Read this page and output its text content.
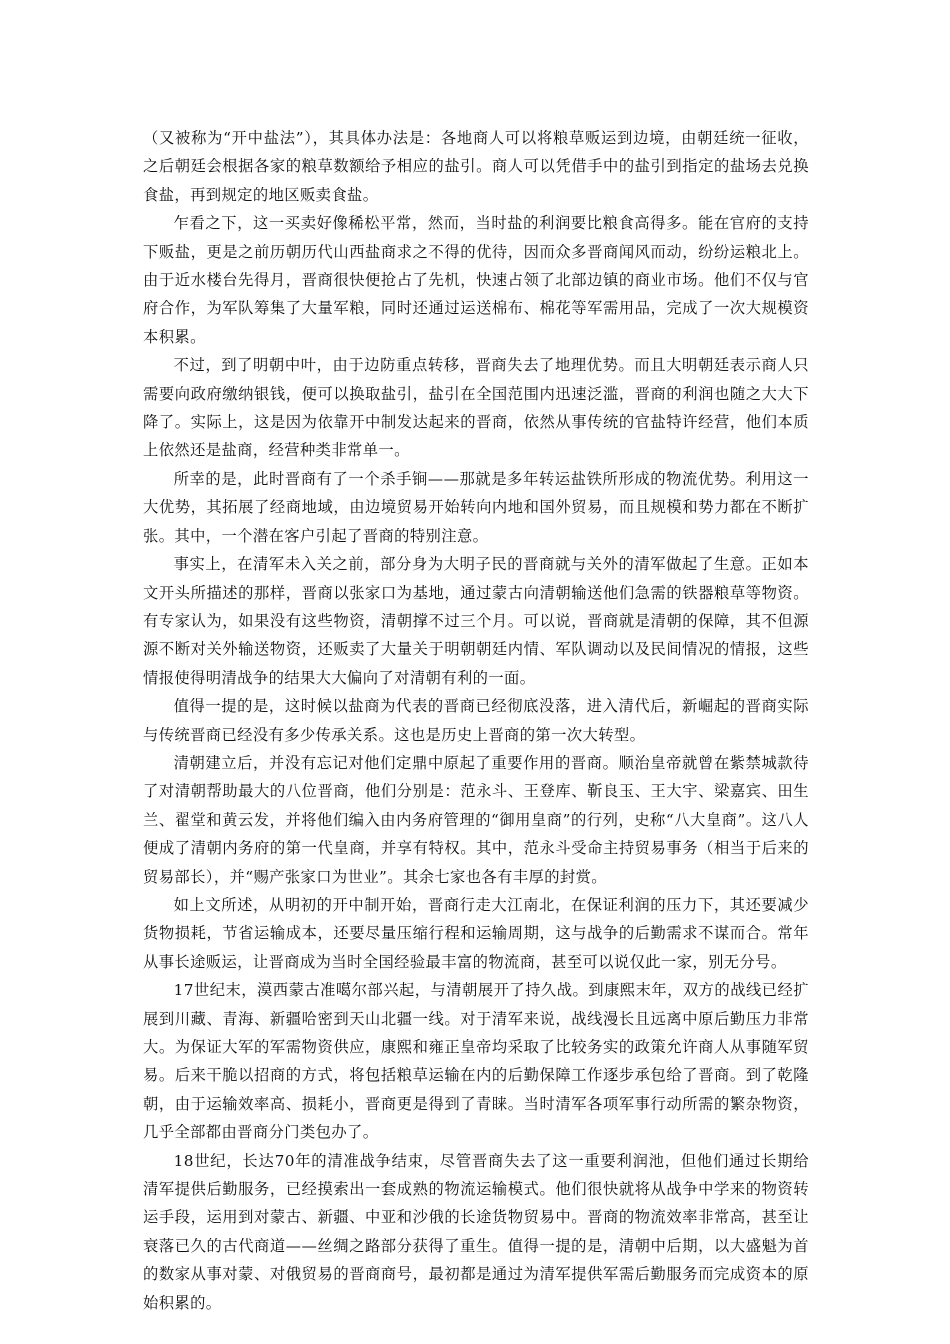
（又被称为“开中盐法”），其具体办法是：各地商人可以将粮草贩运到边境，由朝廷统一征收，之后朝廷会根据各家的粮草数额给予相应的盐引。商人可以凭借手中的盐引到指定的盐场去兑换食盐，再到规定的地区贩卖食盐。

乍看之下，这一买卖好像稀松平常，然而，当时盐的利润要比粮食高得多。能在官府的支持下贩盐，更是之前历朝历代山西盐商求之不得的优待，因而众多晋商闻风而动，纷纷运粮北上。由于近水楼台先得月，晋商很快便抢占了先机，快速占领了北部边镇的商业市场。他们不仅与官府合作，为军队筹集了大量军粮，同时还通过运送棉布、棉花等军需用品，完成了一次大规模资本积累。

不过，到了明朝中叶，由于边防重点转移，晋商失去了地理优势。而且大明朝廷表示商人只需要向政府缴纳银钱，便可以换取盐引，盐引在全国范围内迅速泛滥，晋商的利润也随之大大下降了。实际上，这是因为依靠开中制发达起来的晋商，依然从事传统的官盐特许经营，他们本质上依然还是盐商，经营种类非常单一。

所幸的是，此时晋商有了一个杀手锏——那就是多年转运盐铁所形成的物流优势。利用这一大优势，其拓展了经商地域，由边境贸易开始转向内地和国外贸易，而且规模和势力都在不断扩张。其中，一个潜在客户引起了晋商的特别注意。

事实上，在清军未入关之前，部分身为大明子民的晋商就与关外的清军做起了生意。正如本文开头所描述的那样，晋商以张家口为基地，通过蒙古向清朝输送他们急需的铁器粮草等物资。有专家认为，如果没有这些物资，清朝撑不过三个月。可以说，晋商就是清朝的保障，其不但源源不断对关外输送物资，还贩卖了大量关于明朝朝廷内情、军队调动以及民间情况的情报，这些情报使得明清战争的结果大大偏向了对清朝有利的一面。

值得一提的是，这时候以盐商为代表的晋商已经彻底没落，进入清代后，新崛起的晋商实际与传统晋商已经没有多少传承关系。这也是历史上晋商的第一次大转型。

清朝建立后，并没有忘记对他们定鼎中原起了重要作用的晋商。顺治皇帝就曾在紫禁城款待了对清朝帮助最大的八位晋商，他们分别是：范永斗、王登库、靳良玉、王大宇、梁嘉宾、田生兰、翟堂和黄云发，并将他们编入由内务府管理的“御用皇商”的行列，史称“八大皇商”。这八人便成了清朝内务府的第一代皇商，并享有特权。其中，范永斗受命主持贸易事务（相当于后来的贸易部长），并“赐产张家口为世业”。其余七家也各有丰厚的封赏。

如上文所述，从明初的开中制开始，晋商行走大江南北，在保证利润的压力下，其还要减少货物损耗，节省运输成本，还要尽量压缩行程和运输周期，这与战争的后勤需求不谋而合。常年从事长途贩运，让晋商成为当时全国经验最丰富的物流商，甚至可以说仅此一家，别无分号。

17世纪末，漠西蒙古准噶尔部兴起，与清朝展开了持久战。到康熙末年，双方的战线已经扩展到川藏、青海、新疆哈密到天山北疆一线。对于清军来说，战线漫长且远离中原后勤压力非常大。为保证大军的军需物资供应，康熙和雍正皇帝均采取了比较务实的政策允许商人从事随军贸易。后来干脆以招商的方式，将包括粮草运输在内的后勤保障工作逐步承包给了晋商。到了乾隆朝，由于运输效率高、损耗小，晋商更是得到了青睐。当时清军各项军事行动所需的繁杂物资，几乎全部都由晋商分门类包办了。

18世纪，长达70年的清准战争结束，尽管晋商失去了这一重要利润池，但他们通过长期给清军提供后勤服务，已经摸索出一套成熟的物流运输模式。他们很快就将从战争中学来的物资转运手段，运用到对蒙古、新疆、中亚和沙俄的长途货物贸易中。晋商的物流效率非常高，甚至让衰落已久的古代商道——丝绸之路部分获得了重生。值得一提的是，清朝中后期，以大盛魁为首的数家从事对蒙、对俄贸易的晋商商号，最初都是通过为清军提供军需后勤服务而完成资本的原始积累的。
